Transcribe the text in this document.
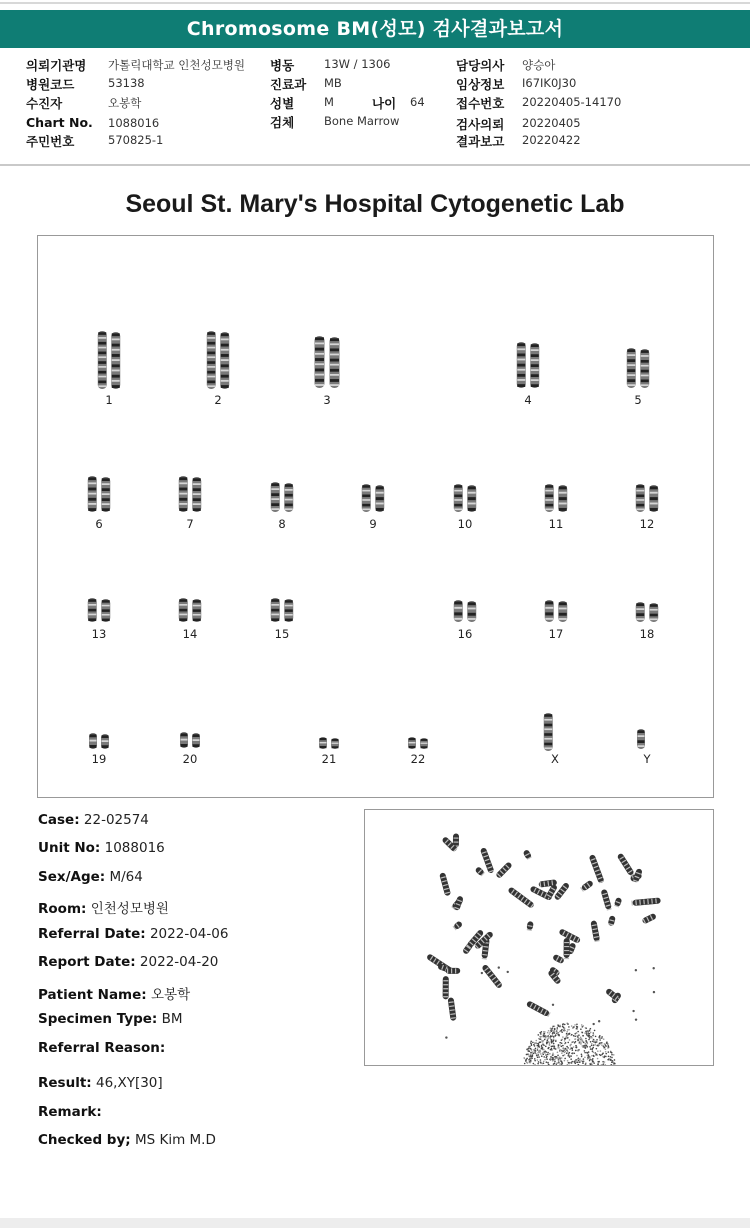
Chromosome BM(성모) 검사결과보고서
의뢰기관명 가톨릭대학교 인천성모병원
병원코드	53138
수진자	오봉학
Chart No. 1088016
주민번호	570825-1
병동	13W / 1306
진료과 MB
성별	M	나이 64
검체	Bone Marrow
담당의사 양승아
임상정보 I67IK0J30
접수번호 20220405-14170
검사의뢰 20220405
결과보고 20220422
Seoul St. Mary's Hospital Cytogenetic Lab
1	2	3	4	5
6	7	8	9	10	11	12
13	14	15	16	17	18
19	20	21	22	X	Y
Case: 22-02574
Unit No: 1088016
Sex/Age: M/64
Room: 인천성모병원
Referral Date: 2022-04-06
Report Date: 2022-04-20
Patient Name: 오봉학
Specimen Type: BM
Referral Reason:
Result: 46,XY[30]
Remark:
Checked by; MS Kim M.D
